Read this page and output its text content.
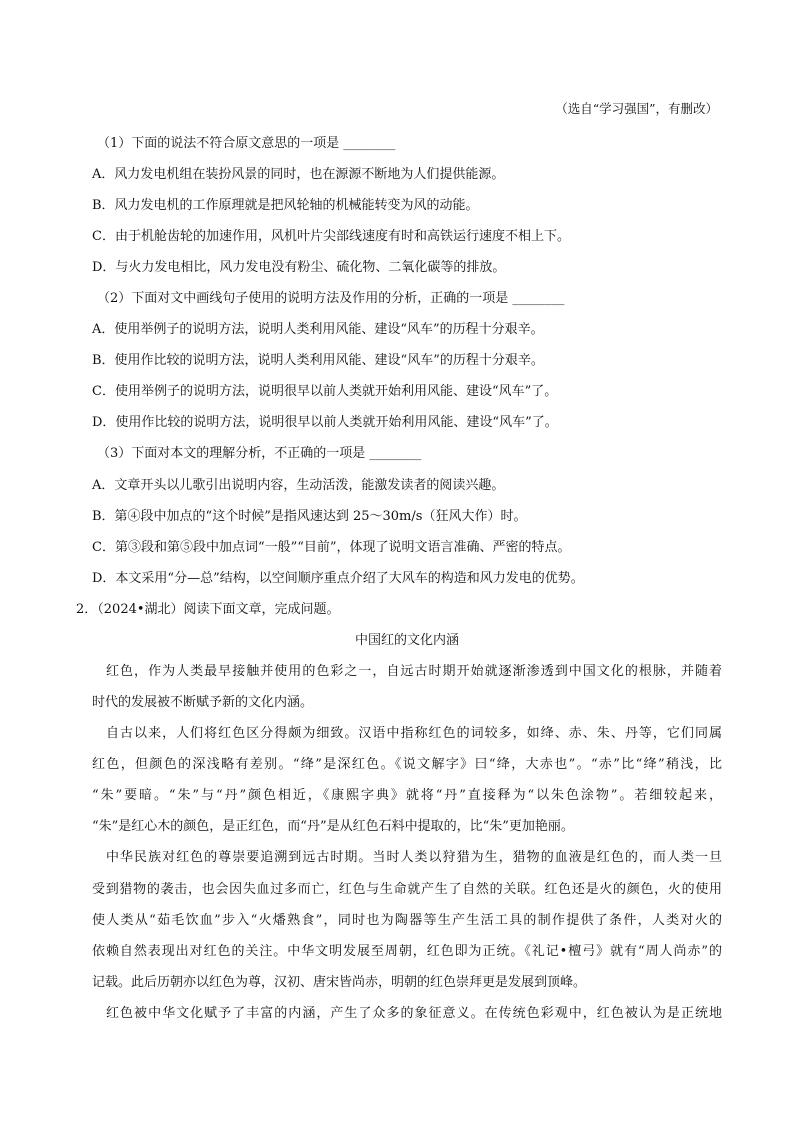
（选自“学习强国”，有删改）
（1）下面的说法不符合原文意思的一项是 ________
A．风力发电机组在装扮风景的同时，也在源源不断地为人们提供能源。
B．风力发电机的工作原理就是把风轮轴的机械能转变为风的动能。
C．由于机舱齿轮的加速作用，风机叶片尖部线速度有时和高铁运行速度不相上下。
D．与火力发电相比，风力发电没有粉尘、硫化物、二氧化碳等的排放。
（2）下面对文中画线句子使用的说明方法及作用的分析，正确的一项是 ________
A．使用举例子的说明方法，说明人类利用风能、建设“风车”的历程十分艰辛。
B．使用作比较的说明方法，说明人类利用风能、建设“风车”的历程十分艰辛。
C．使用举例子的说明方法，说明很早以前人类就开始利用风能、建设“风车”了。
D．使用作比较的说明方法，说明很早以前人类就开始利用风能、建设“风车”了。
（3）下面对本文的理解分析，不正确的一项是 ________
A．文章开头以儿歌引出说明内容，生动活泼，能激发读者的阅读兴趣。
B．第④段中加点的“这个时候”是指风速达到 25～30m/s（狂风大作）时。
C．第③段和第⑤段中加点词“一般”“目前”，体现了说明文语言准确、严密的特点。
D．本文采用“分—总”结构，以空间顺序重点介绍了大风车的构造和风力发电的优势。
2．（2024•湖北）阅读下面文章，完成问题。
中国红的文化内涵
红色，作为人类最早接触并使用的色彩之一，自远古时期开始就逐渐渗透到中国文化的根脉，并随着
时代的发展被不断赋予新的文化内涵。
自古以来，人们将红色区分得颇为细致。汉语中指称红色的词较多，如绛、赤、朱、丹等，它们同属
红色，但颜色的深浅略有差别。“绛”是深红色。《说文解字》曰“绛，大赤也”。“赤”比“绛”稍浅，比
“朱”要暗。“朱”与“丹”颜色相近，《康熙字典》就将“丹”直接释为“以朱色涂物”。若细较起来，
“朱”是红心木的颜色，是正红色，而“丹”是从红色石料中提取的，比“朱”更加艳丽。
中华民族对红色的尊崇要追溯到远古时期。当时人类以狩猎为生，猎物的血液是红色的，而人类一旦
受到猎物的袭击，也会因失血过多而亡，红色与生命就产生了自然的关联。红色还是火的颜色，火的使用
使人类从“茹毛饮血”步入“火燔熟食”，同时也为陶器等生产生活工具的制作提供了条件，人类对火的
依赖自然表现出对红色的关注。中华文明发展至周朝，红色即为正统。《礼记•檀弓》就有“周人尚赤”的
记载。此后历朝亦以红色为尊，汉初、唐宋皆尚赤，明朝的红色崇拜更是发展到顶峰。
红色被中华文化赋予了丰富的内涵，产生了众多的象征意义。在传统色彩观中，红色被认为是正统地
